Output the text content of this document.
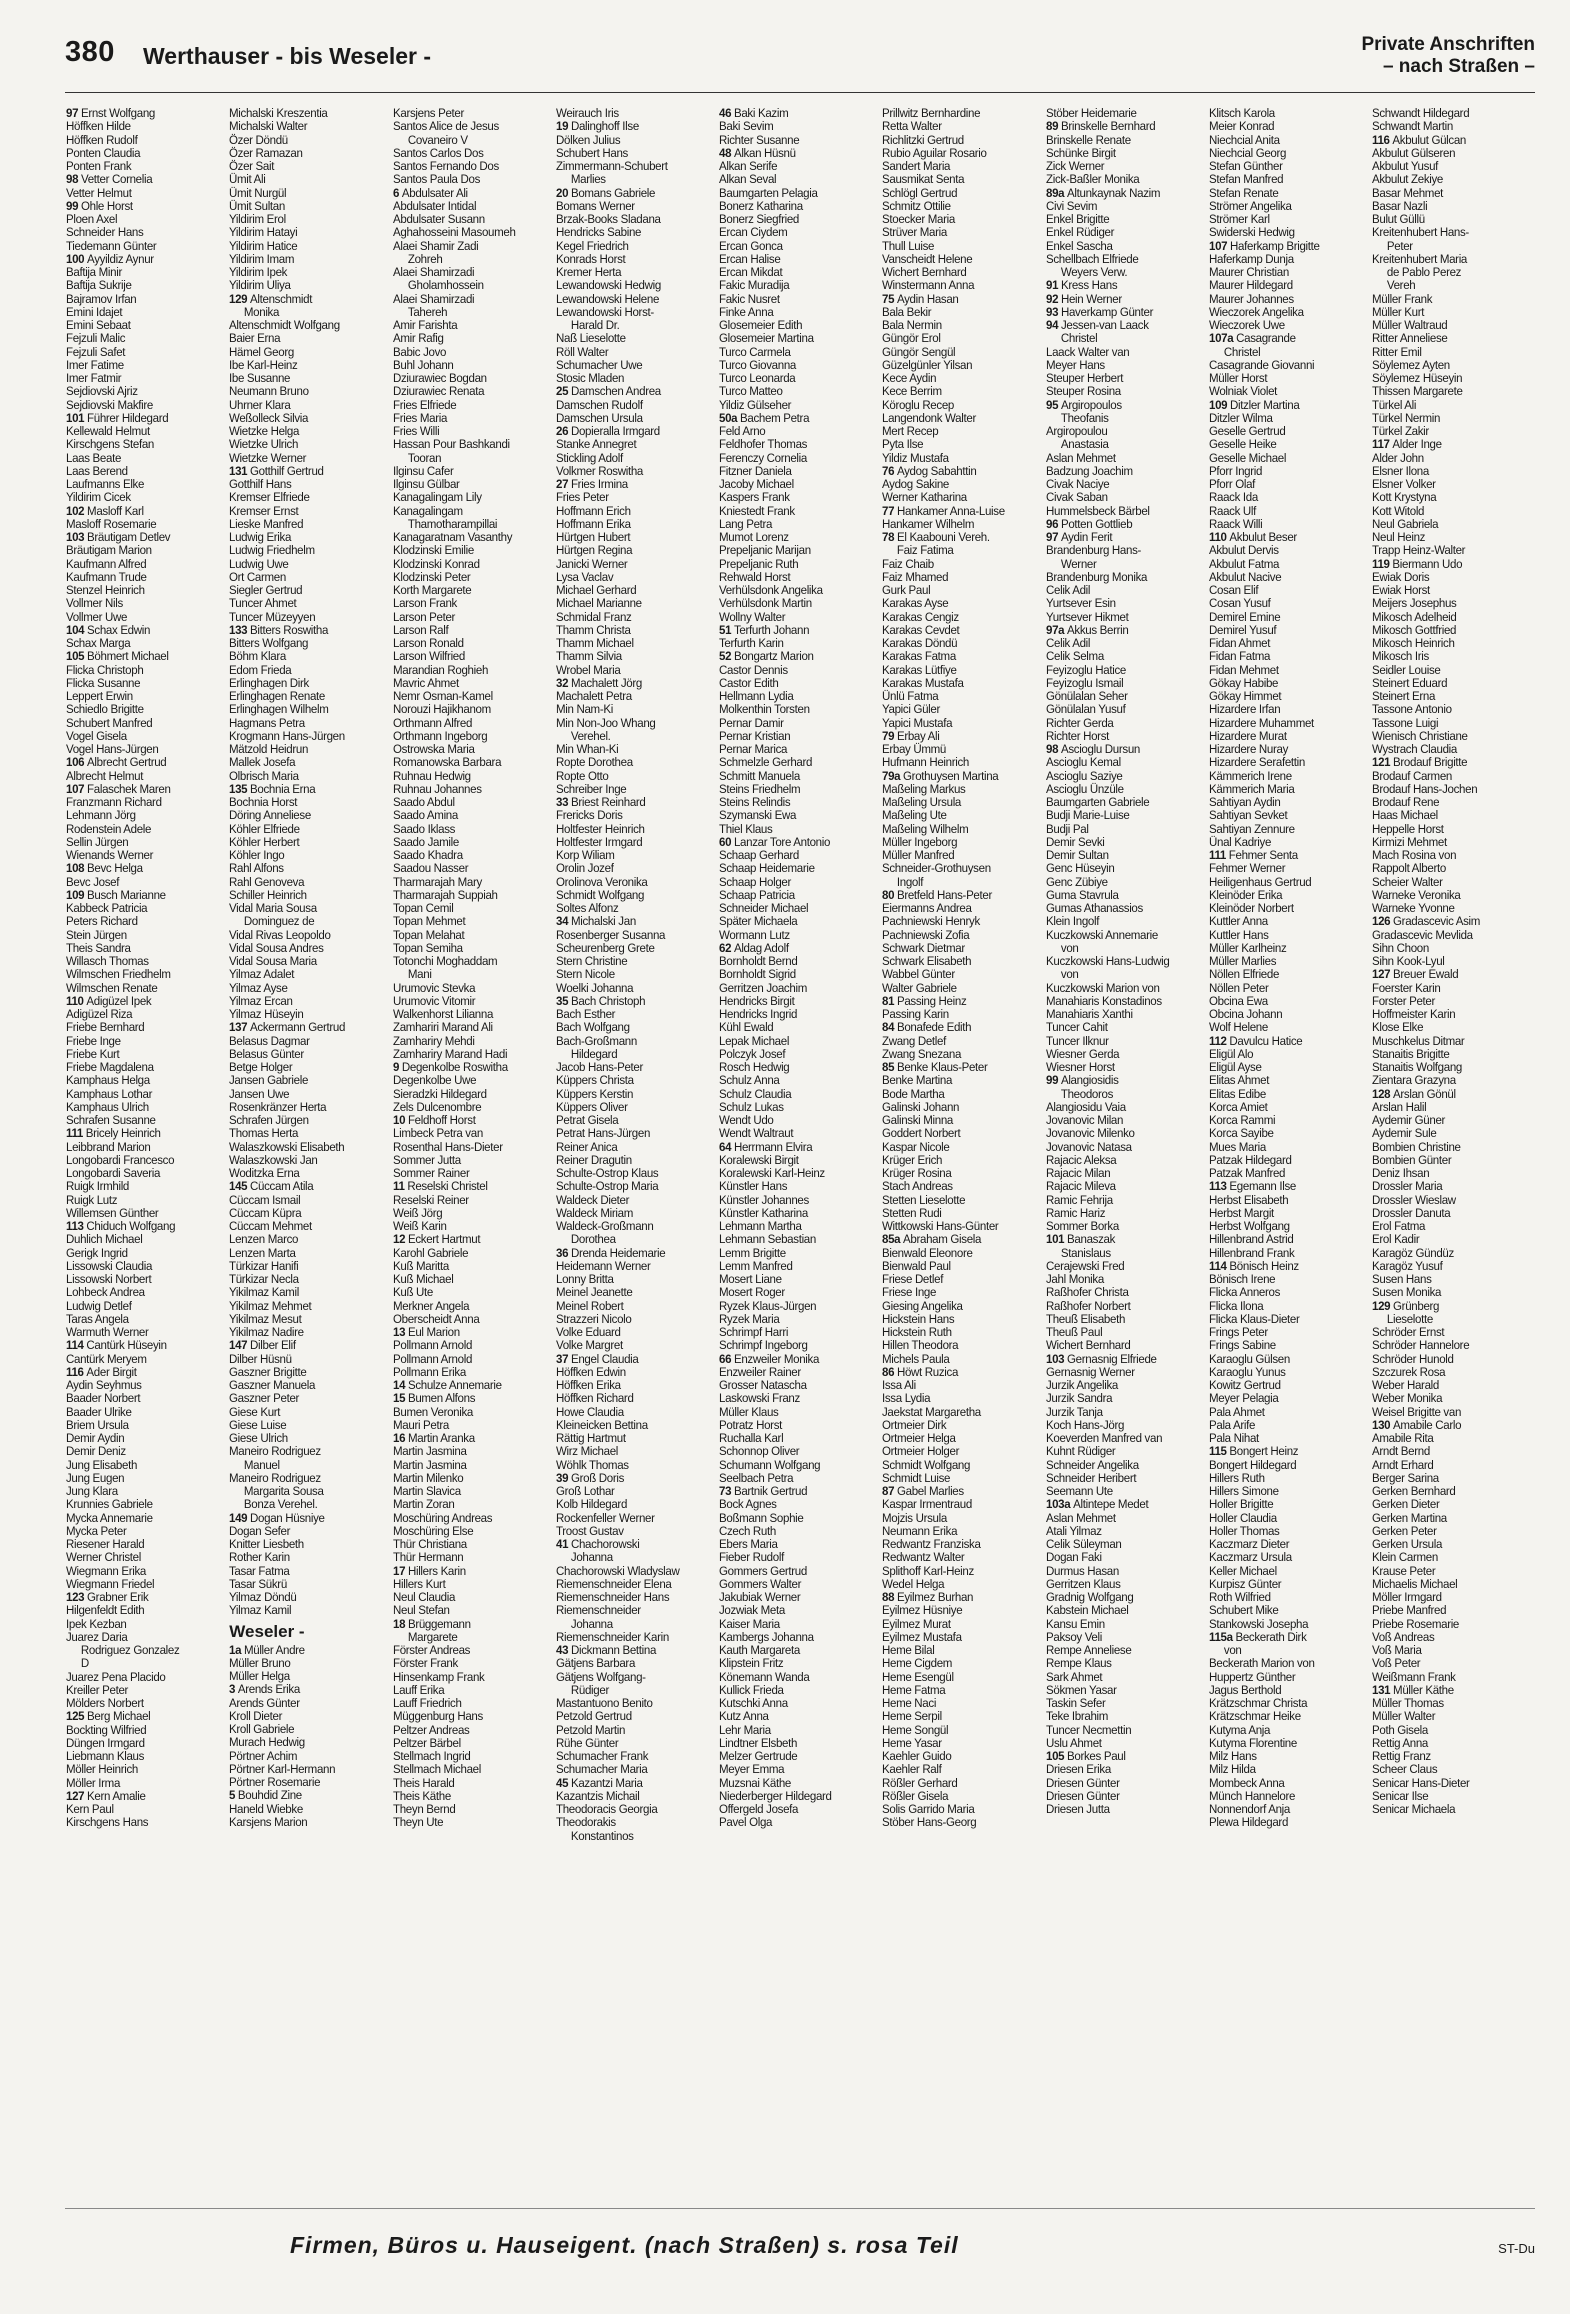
380 Werthauser - bis Weseler -	Private Anschriften
– nach Straßen –
97 Ernst Wolfgang
Höffken Hilde
Höffken Rudolf
Ponten Claudia
Ponten Frank
98 Vetter Cornelia
Vetter Helmut
99 Ohle Horst
Ploen Axel
Schneider Hans
Tiedemann Günter
100 Ayyildiz Aynur
Baftija Minir
Baftija Sukrije
Bajramov Irfan
Emini Idajet
Emini Sebaat
Fejzuli Malic
Fejzuli Safet
Imer Fatime
Imer Fatmir
Sejdiovski Ajriz
Sejdiovski Makfire
101 Führer Hildegard
Kellewald Helmut
Kirschgens Stefan
Laas Beate
Laas Berend
Laufmanns Elke
Yildirim Cicek
102 Masloff Karl
Masloff Rosemarie
103 Bräutigam Detlev
Bräutigam Marion
Kaufmann Alfred
Kaufmann Trude
Stenzel Heinrich
Vollmer Nils
Vollmer Uwe
104 Schax Edwin
Schax Marga
105 Böhmert Michael
Flicka Christoph
Flicka Susanne
Leppert Erwin
Schiedlo Brigitte
Schubert Manfred
Vogel Gisela
Vogel Hans-Jürgen
106 Albrecht Gertrud
Albrecht Helmut
107 Falaschek Maren
Franzmann Richard
Lehmann Jörg
Rodenstein Adele
Sellin Jürgen
Wienands Werner
108 Bevc Helga
Bevc Josef
109 Busch Marianne
Kabbeck Patricia
Peters Richard
Stein Jürgen
Theis Sandra
Willasch Thomas
Wilmschen Friedhelm
Wilmschen Renate
110 Adigüzel Ipek
Adigüzel Riza
Friebe Bernhard
Friebe Inge
Friebe Kurt
Friebe Magdalena
Kamphaus Helga
Kamphaus Lothar
Kamphaus Ulrich
Schrafen Susanne
111 Bricely Heinrich
Leibbrand Marion
Longobardi Francesco
Longobardi Saveria
Ruigk Irmhild
Ruigk Lutz
Willemsen Günther
113 Chiduch Wolfgang
Duhlich Michael
Gerigk Ingrid
Lissowski Claudia
Lissowski Norbert
Lohbeck Andrea
Ludwig Detlef
Taras Angela
Warmuth Werner
114 Cantürk Hüseyin
Cantürk Meryem
116 Ader Birgit
Aydin Seyhmus
Baader Norbert
Baader Ulrike
Briem Ursula
Demir Aydin
Demir Deniz
Jung Elisabeth
Jung Eugen
Jung Klara
Krunnies Gabriele
Mycka Annemarie
Mycka Peter
Riesener Harald
Werner Christel
Wiegmann Erika
Wiegmann Friedel
123 Grabner Erik
Hilgenfeldt Edith
Ipek Kezban
Juarez Daria
Rodriguez Gonzalez
D
Juarez Pena Placido
Kreiller Peter
Mölders Norbert
125 Berg Michael
Bockting Wilfried
Düngen Irmgard
Liebmann Klaus
Möller Heinrich
Möller Irma
127 Kern Amalie
Kern Paul
Kirschgens Hans
Michalski Kreszentia
Michalski Walter
Özer Döndü
Özer Ramazan
Özer Sait
Ümit Ali
Ümit Nurgül
Ümit Sultan
Yildirim Erol
Yildirim Hatayi
Yildirim Hatice
Yildirim Imam
Yildirim Ipek
Yildirim Uliya
129 Altenschmidt
Monika
Altenschmidt Wolfgang
Baier Erna
Hämel Georg
Ibe Karl-Heinz
Ibe Susanne
Neumann Bruno
Uhrner Klara
Weßolleck Silvia
Wietzke Helga
Wietzke Ulrich
Wietzke Werner
131 Gotthilf Gertrud
Gotthilf Hans
Kremser Elfriede
Kremser Ernst
Lieske Manfred
Ludwig Erika
Ludwig Friedhelm
Ludwig Uwe
Ort Carmen
Siegler Gertrud
Tuncer Ahmet
Tuncer Müzeyyen
133 Bitters Roswitha
Bitters Wolfgang
Böhm Klara
Edom Frieda
Erlinghagen Dirk
Erlinghagen Renate
Erlinghagen Wilhelm
Hagmans Petra
Krogmann Hans-Jürgen
Mätzold Heidrun
Mallek Josefa
Olbrisch Maria
135 Bochnia Erna
Bochnia Horst
Döring Anneliese
Köhler Elfriede
Köhler Herbert
Köhler Ingo
Rahl Alfons
Rahl Genoveva
Schiller Heinrich
Vidal Maria Sousa
Dominguez de
Vidal Rivas Leopoldo
Vidal Sousa Andres
Vidal Sousa Maria
Yilmaz Adalet
Yilmaz Ayse
Yilmaz Ercan
Yilmaz Hüseyin
137 Ackermann Gertrud
Belasus Dagmar
Belasus Günter
Betge Holger
Jansen Gabriele
Jansen Uwe
Rosenkränzer Herta
Schrafen Jürgen
Thomas Herta
Walaszkowski Elisabeth
Walaszkowski Jan
Woditzka Erna
145 Cüccam Atila
Cüccam Ismail
Cüccam Küpra
Cüccam Mehmet
Lenzen Marco
Lenzen Marta
Türkizar Hanifi
Türkizar Necla
Yikilmaz Kamil
Yikilmaz Mehmet
Yikilmaz Mesut
Yikilmaz Nadire
147 Dilber Elif
Dilber Hüsnü
Gaszner Brigitte
Gaszner Manuela
Gaszner Peter
Giese Kurt
Giese Luise
Giese Ulrich
Maneiro Rodriguez
Manuel
Maneiro Rodriguez
Margarita Sousa
Bonza Verehel.
149 Dogan Hüsniye
Dogan Sefer
Knitter Liesbeth
Rother Karin
Tasar Fatma
Tasar Sükrü
Yilmaz Döndü
Yilmaz Kamil
Weseler -
1a Müller Andre
Müller Bruno
Müller Helga
3 Arends Erika
Arends Günter
Kroll Dieter
Kroll Gabriele
Murach Hedwig
Pörtner Achim
Pörtner Karl-Hermann
Pörtner Rosemarie
5 Bouhdid Zine
Haneld Wiebke
Karsjens Marion
Karsjens Peter
Santos Alice de Jesus
Covaneiro V
Santos Carlos Dos
Santos Fernando Dos
Santos Paula Dos
6 Abdulsater Ali
Abdulsater Intidal
Abdulsater Susann
Aghahosseini Masoumeh
Alaei Shamir Zadi
Zohreh
Alaei Shamirzadi
Gholamhossein
Alaei Shamirzadi
Tahereh
Amir Farishta
Amir Rafig
Babic Jovo
Buhl Johann
Dziurawiec Bogdan
Dziurawiec Renata
Fries Elfriede
Fries Maria
Fries Willi
Hassan Pour Bashkandi
Tooran
Ilginsu Cafer
Ilginsu Gülbar
Kanagalingam Lily
Kanagalingam
Thamotharampillai
Kanagaratnam Vasanthy
Klodzinski Emilie
Klodzinski Konrad
Klodzinski Peter
Korth Margarete
Larson Frank
Larson Peter
Larson Ralf
Larson Ronald
Larson Wilfried
Marandian Roghieh
Mavric Ahmet
Nemr Osman-Kamel
Norouzi Hajikhanom
Orthmann Alfred
Orthmann Ingeborg
Ostrowska Maria
Romanowska Barbara
Ruhnau Hedwig
Ruhnau Johannes
Saado Abdul
Saado Amina
Saado Iklass
Saado Jamile
Saado Khadra
Saadou Nasser
Tharmarajah Mary
Tharmarajah Suppiah
Topan Cemil
Topan Mehmet
Topan Melahat
Topan Semiha
Totonchi Moghaddam
Mani
Urumovic Stevka
Urumovic Vitomir
Walkenhorst Lilianna
Zamhariri Marand Ali
Zamhariry Mehdi
Zamhariry Marand Hadi
9 Degenkolbe Roswitha
Degenkolbe Uwe
Sieradzki Hildegard
Zels Dulcenombre
10 Feldhoff Horst
Limbeck Petra van
Rosenthal Hans-Dieter
Sommer Jutta
Sommer Rainer
11 Reselski Christel
Reselski Reiner
Weiß Jörg
Weiß Karin
12 Eckert Hartmut
Karohl Gabriele
Kuß Maritta
Kuß Michael
Kuß Ute
Merkner Angela
Oberscheidt Anna
13 Eul Marion
Pollmann Arnold
Pollmann Arnold
Pollmann Erika
14 Schulze Annemarie
15 Bumen Alfons
Bumen Veronika
Mauri Petra
16 Martin Aranka
Martin Jasmina
Martin Jasmina
Martin Milenko
Martin Slavica
Martin Zoran
Moschüring Andreas
Moschüring Else
Thür Christiana
Thür Hermann
17 Hillers Karin
Hillers Kurt
Neul Claudia
Neul Stefan
18 Brüggemann
Margarete
Förster Andreas
Förster Frank
Hinsenkamp Frank
Lauff Erika
Lauff Friedrich
Müggenburg Hans
Peltzer Andreas
Peltzer Bärbel
Stellmach Ingrid
Stellmach Michael
Theis Harald
Theis Käthe
Theyn Bernd
Theyn Ute
Weirauch Iris
19 Dalinghoff Ilse
Dölken Julius
Schubert Hans
Zimmermann-Schubert
Marlies
20 Bomans Gabriele
Bomans Werner
Brzak-Books Sladana
Hendricks Sabine
Kegel Friedrich
Konrads Horst
Kremer Herta
Lewandowski Hedwig
Lewandowski Helene
Lewandowski Horst-
Harald Dr.
Naß Lieselotte
Röll Walter
Schumacher Uwe
Stosic Mladen
25 Damschen Andrea
Damschen Rudolf
Damschen Ursula
26 Dopieralla Irmgard
Stanke Annegret
Stickling Adolf
Volkmer Roswitha
27 Fries Irmina
Fries Peter
Hoffmann Erich
Hoffmann Erika
Hürtgen Hubert
Hürtgen Regina
Janicki Werner
Lysa Vaclav
Michael Gerhard
Michael Marianne
Schmidal Franz
Thamm Christa
Thamm Michael
Thamm Silvia
Wrobel Maria
32 Machalett Jörg
Machalett Petra
Min Nam-Ki
Min Non-Joo Whang
Verehel.
Min Whan-Ki
Ropte Dorothea
Ropte Otto
Schreiber Inge
33 Briest Reinhard
Frericks Doris
Holtfester Heinrich
Holtfester Irmgard
Korp Wiliam
Orolin Jozef
Orolinova Veronika
Schmidt Wolfgang
Soltes Alfonz
34 Michalski Jan
Rosenberger Susanna
Scheurenberg Grete
Stern Christine
Stern Nicole
Woelki Johanna
35 Bach Christoph
Bach Esther
Bach Wolfgang
Bach-Großmann
Hildegard
Jacob Hans-Peter
Küppers Christa
Küppers Kerstin
Küppers Oliver
Petrat Gisela
Petrat Hans-Jürgen
Reiner Anica
Reiner Dragutin
Schulte-Ostrop Klaus
Schulte-Ostrop Maria
Waldeck Dieter
Waldeck Miriam
Waldeck-Großmann
Dorothea
36 Drenda Heidemarie
Heidemann Werner
Lonny Britta
Meinel Jeanette
Meinel Robert
Strazzeri Nicolo
Volke Eduard
Volke Margret
37 Engel Claudia
Höffken Edwin
Höffken Erika
Höffken Richard
Howe Claudia
Kleineicken Bettina
Rättig Hartmut
Wirz Michael
Wöhlk Thomas
39 Groß Doris
Groß Lothar
Kolb Hildegard
Rockenfeller Werner
Troost Gustav
41 Chachorowski
Johanna
Chachorowski Wladyslaw
Riemenschneider Elena
Riemenschneider Hans
Riemenschneider
Johanna
Riemenschneider Karin
43 Dickmann Bettina
Gätjens Barbara
Gätjens Wolfgang-
Rüdiger
Mastantuono Benito
Petzold Gertrud
Petzold Martin
Rühe Günter
Schumacher Frank
Schumacher Maria
45 Kazantzi Maria
Kazantzis Michail
Theodoracis Georgia
Theodorakis
Konstantinos
46 Baki Kazim
Baki Sevim
Richter Susanne
48 Alkan Hüsnü
Alkan Serife
Alkan Seval
Baumgarten Pelagia
Bonerz Katharina
Bonerz Siegfried
Ercan Ciydem
Ercan Gonca
Ercan Halise
Ercan Mikdat
Fakic Muradija
Fakic Nusret
Finke Anna
Glosemeier Edith
Glosemeier Martina
Turco Carmela
Turco Giovanna
Turco Leonarda
Turco Matteo
Yildiz Gülseher
50a Bachem Petra
Feld Arno
Feldhofer Thomas
Ferenczy Cornelia
Fitzner Daniela
Jacoby Michael
Kaspers Frank
Kniestedt Frank
Lang Petra
Mumot Lorenz
Prepeljanic Marijan
Prepeljanic Ruth
Rehwald Horst
Verhülsdonk Angelika
Verhülsdonk Martin
Wollny Walter
51 Terfurth Johann
Terfurth Karin
52 Bongartz Marion
Castor Dennis
Castor Edith
Hellmann Lydia
Molkenthin Torsten
Pernar Damir
Pernar Kristian
Pernar Marica
Schmelzle Gerhard
Schmitt Manuela
Steins Friedhelm
Steins Relindis
Szymanski Ewa
Thiel Klaus
60 Lanzar Tore Antonio
Schaap Gerhard
Schaap Heidemarie
Schaap Holger
Schaap Patricia
Schneider Michael
Später Michaela
Wormann Lutz
62 Aldag Adolf
Bornholdt Bernd
Bornholdt Sigrid
Gerritzen Joachim
Hendricks Birgit
Hendricks Ingrid
Kühl Ewald
Lepak Michael
Polczyk Josef
Rosch Hedwig
Schulz Anna
Schulz Claudia
Schulz Lukas
Wendt Udo
Wendt Waltraut
64 Herrmann Elvira
Koralewski Birgit
Koralewski Karl-Heinz
Künstler Hans
Künstler Johannes
Künstler Katharina
Lehmann Martha
Lehmann Sebastian
Lemm Brigitte
Lemm Manfred
Mosert Liane
Mosert Roger
Ryzek Klaus-Jürgen
Ryzek Maria
Schrimpf Harri
Schrimpf Ingeborg
66 Enzweiler Monika
Enzweiler Rainer
Grosser Natascha
Laskowski Franz
Müller Klaus
Potratz Horst
Ruchalla Karl
Schonnop Oliver
Schumann Wolfgang
Seelbach Petra
73 Bartnik Gertrud
Bock Agnes
Boßmann Sophie
Czech Ruth
Ebers Maria
Fieber Rudolf
Gommers Gertrud
Gommers Walter
Jakubiak Werner
Jozwiak Meta
Kaiser Maria
Kambergs Johanna
Kauth Margareta
Klipstein Fritz
Könemann Wanda
Kullick Frieda
Kutschki Anna
Kutz Anna
Lehr Maria
Lindtner Elsbeth
Melzer Gertrude
Meyer Emma
Muzsnai Käthe
Niederberger Hildegard
Offergeld Josefa
Pavel Olga
Prillwitz Bernhardine
Retta Walter
Richlitzki Gertrud
Rubio Aguilar Rosario
Sandert Maria
Sausmikat Senta
Schlögl Gertrud
Schmitz Ottilie
Stoecker Maria
Strüver Maria
Thull Luise
Vanscheidt Helene
Wichert Bernhard
Winstermann Anna
75 Aydin Hasan
Bala Bekir
Bala Nermin
Güngör Erol
Güngör Sengül
Güzelgünler Yilsan
Kece Aydin
Kece Berrim
Köroglu Recep
Langendonk Walter
Mert Recep
Pyta Ilse
Yildiz Mustafa
76 Aydog Sabahttin
Aydog Sakine
Werner Katharina
77 Hankamer Anna-Luise
Hankamer Wilhelm
78 El Kaabouni Vereh.
Faiz Fatima
Faiz Chaib
Faiz Mhamed
Gurk Paul
Karakas Ayse
Karakas Cengiz
Karakas Cevdet
Karakas Döndü
Karakas Fatma
Karakas Lütfiye
Karakas Mustafa
Ünlü Fatma
Yapici Güler
Yapici Mustafa
79 Erbay Ali
Erbay Ümmü
Hufmann Heinrich
79a Grothuysen Martina
Maßeling Markus
Maßeling Ursula
Maßeling Ute
Maßeling Wilhelm
Müller Ingeborg
Müller Manfred
Schneider-Grothuysen
Ingolf
80 Bretfeld Hans-Peter
Eiermanns Andrea
Pachniewski Henryk
Pachniewski Zofia
Schwark Dietmar
Schwark Elisabeth
Wabbel Günter
Walter Gabriele
81 Passing Heinz
Passing Karin
84 Bonafede Edith
Zwang Detlef
Zwang Snezana
85 Benke Klaus-Peter
Benke Martina
Bode Martha
Galinski Johann
Galinski Minna
Goddert Norbert
Kaspar Nicole
Krüger Erich
Krüger Rosina
Stach Andreas
Stetten Lieselotte
Stetten Rudi
Wittkowski Hans-Günter
85a Abraham Gisela
Bienwald Eleonore
Bienwald Paul
Friese Detlef
Friese Inge
Giesing Angelika
Hickstein Hans
Hickstein Ruth
Hillen Theodora
Michels Paula
86 Höwt Ruzica
Issa Ali
Issa Lydia
Jaekstat Margaretha
Ortmeier Dirk
Ortmeier Helga
Ortmeier Holger
Schmidt Wolfgang
Schmidt Luise
87 Gabel Marlies
Kaspar Irmentraud
Mojzis Ursula
Neumann Erika
Redwantz Franziska
Redwantz Walter
Splithoff Karl-Heinz
Wedel Helga
88 Eyilmez Burhan
Eyilmez Hüsniye
Eyilmez Murat
Eyilmez Mustafa
Heme Bilal
Heme Cigdem
Heme Esengül
Heme Fatma
Heme Naci
Heme Serpil
Heme Songül
Heme Yasar
Kaehler Guido
Kaehler Ralf
Rößler Gerhard
Rößler Gisela
Solis Garrido Maria
Stöber Hans-Georg
Stöber Heidemarie
89 Brinskelle Bernhard
Brinskelle Renate
Schünke Birgit
Zick Werner
Zick-Baßler Monika
89a Altunkaynak Nazim
Civi Sevim
Enkel Brigitte
Enkel Rüdiger
Enkel Sascha
Schellbach Elfriede
Weyers Verw.
91 Kress Hans
92 Hein Werner
93 Haverkamp Günter
94 Jessen-van Laack
Christel
Laack Walter van
Meyer Hans
Steuper Herbert
Steuper Rosina
95 Argiropoulos
Theofanis
Argiropoulou
Anastasia
Aslan Mehmet
Badzung Joachim
Civak Naciye
Civak Saban
Hummelsbeck Bärbel
96 Potten Gottlieb
97 Aydin Ferit
Brandenburg Hans-
Werner
Brandenburg Monika
Celik Adil
Yurtsever Esin
Yurtsever Hikmet
97a Akkus Berrin
Celik Adil
Celik Selma
Feyizoglu Hatice
Feyizoglu Ismail
Gönülalan Seher
Gönülalan Yusuf
Richter Gerda
Richter Horst
98 Ascioglu Dursun
Ascioglu Kemal
Ascioglu Saziye
Ascioglu Ünzüle
Baumgarten Gabriele
Budji Marie-Luise
Budji Pal
Demir Sevki
Demir Sultan
Genc Hüseyin
Genc Zübiye
Guma Stavrula
Gumas Athanassios
Klein Ingolf
Kuczkowski Annemarie
von
Kuczkowski Hans-Ludwig
von
Kuczkowski Marion von
Manahiaris Konstadinos
Manahiaris Xanthi
Tuncer Cahit
Tuncer Ilknur
Wiesner Gerda
Wiesner Horst
99 Alangiosidis
Theodoros
Alangiosidu Vaia
Jovanovic Milan
Jovanovic Milenko
Jovanovic Natasa
Rajacic Aleksa
Rajacic Milan
Rajacic Mileva
Ramic Fehrija
Ramic Hariz
Sommer Borka
101 Banaszak
Stanislaus
Cerajewski Fred
Jahl Monika
Raßhofer Christa
Raßhofer Norbert
Theuß Elisabeth
Theuß Paul
Wichert Bernhard
103 Gernasnig Elfriede
Gernasnig Werner
Jurzik Angelika
Jurzik Sandra
Jurzik Tanja
Koch Hans-Jörg
Koeverden Manfred van
Kuhnt Rüdiger
Schneider Angelika
Schneider Heribert
Seemann Ute
103a Altintepe Medet
Aslan Mehmet
Atali Yilmaz
Celik Süleyman
Dogan Faki
Durmus Hasan
Gerritzen Klaus
Gradnig Wolfgang
Kabstein Michael
Kansu Emin
Paksoy Veli
Rempe Anneliese
Rempe Klaus
Sark Ahmet
Sökmen Yasar
Taskin Sefer
Teke Ibrahim
Tuncer Necmettin
Uslu Ahmet
105 Borkes Paul
Driesen Erika
Driesen Günter
Driesen Günter
Driesen Jutta
Klitsch Karola
Meier Konrad
Niechcial Anita
Niechcial Georg
Stefan Günther
Stefan Manfred
Stefan Renate
Strömer Angelika
Strömer Karl
Swiderski Hedwig
107 Haferkamp Brigitte
Haferkamp Dunja
Maurer Christian
Maurer Hildegard
Maurer Johannes
Wieczorek Angelika
Wieczorek Uwe
107a Casagrande
Christel
Casagrande Giovanni
Müller Horst
Wolniak Violet
109 Ditzler Martina
Ditzler Wilma
Geselle Gertrud
Geselle Heike
Geselle Michael
Pforr Ingrid
Pforr Olaf
Raack Ida
Raack Ulf
Raack Willi
110 Akbulut Beser
Akbulut Dervis
Akbulut Fatma
Akbulut Nacive
Cosan Elif
Cosan Yusuf
Demirel Emine
Demirel Yusuf
Fidan Ahmet
Fidan Fatma
Fidan Mehmet
Gökay Habibe
Gökay Himmet
Hizardere Irfan
Hizardere Muhammet
Hizardere Murat
Hizardere Nuray
Hizardere Serafettin
Kämmerich Irene
Kämmerich Maria
Sahtiyan Aydin
Sahtiyan Sevket
Sahtiyan Zennure
Ünal Kadriye
111 Fehmer Senta
Fehmer Werner
Heiligenhaus Gertrud
Kleinöder Erika
Kleinöder Norbert
Kuttler Anna
Kuttler Hans
Müller Karlheinz
Müller Marlies
Nöllen Elfriede
Nöllen Peter
Obcina Ewa
Obcina Johann
Wolf Helene
112 Davulcu Hatice
Eligül Alo
Eligül Ayse
Elitas Ahmet
Elitas Edibe
Korca Amiet
Korca Rammi
Korca Sayibe
Mues Maria
Patzak Hildegard
Patzak Manfred
113 Egemann Ilse
Herbst Elisabeth
Herbst Margit
Herbst Wolfgang
Hillenbrand Astrid
Hillenbrand Frank
114 Bönisch Heinz
Bönisch Irene
Flicka Anneros
Flicka Ilona
Flicka Klaus-Dieter
Frings Peter
Frings Sabine
Karaoglu Gülsen
Karaoglu Yunus
Kowitz Gertrud
Meyer Pelagia
Pala Ahmet
Pala Arife
Pala Nihat
115 Bongert Heinz
Bongert Hildegard
Hillers Ruth
Hillers Simone
Holler Brigitte
Holler Claudia
Holler Thomas
Kaczmarz Dieter
Kaczmarz Ursula
Keller Michael
Kurpisz Günter
Roth Wilfried
Schubert Mike
Stankowski Josepha
115a Beckerath Dirk
von
Beckerath Marion von
Huppertz Günther
Jagus Berthold
Krätzschmar Christa
Krätzschmar Heike
Kutyma Anja
Kutyma Florentine
Milz Hans
Milz Hilda
Mombeck Anna
Münch Hannelore
Nonnendorf Anja
Plewa Hildegard
Schwandt Hildegard
Schwandt Martin
116 Akbulut Gülcan
Akbulut Gülseren
Akbulut Yusuf
Akbulut Zekiye
Basar Mehmet
Basar Nazli
Bulut Güllü
Kreitenhubert Hans-
Peter
Kreitenhubert Maria
de Pablo Perez
Vereh
Müller Frank
Müller Kurt
Müller Waltraud
Ritter Anneliese
Ritter Emil
Söylemez Ayten
Söylemez Hüseyin
Thissen Margarete
Türkel Ali
Türkel Nermin
Türkel Zakir
117 Alder Inge
Alder John
Elsner Ilona
Elsner Volker
Kott Krystyna
Kott Witold
Neul Gabriela
Neul Heinz
Trapp Heinz-Walter
119 Biermann Udo
Ewiak Doris
Ewiak Horst
Meijers Josephus
Mikosch Adelheid
Mikosch Gottfried
Mikosch Heinrich
Mikosch Iris
Seidler Louise
Steinert Eduard
Steinert Erna
Tassone Antonio
Tassone Luigi
Wienisch Christiane
Wystrach Claudia
121 Brodauf Brigitte
Brodauf Carmen
Brodauf Hans-Jochen
Brodauf Rene
Haas Michael
Heppelle Horst
Kirmizi Mehmet
Mach Rosina von
Rappolt Alberto
Scheier Walter
Warneke Veronika
Warneke Yvonne
126 Gradascevic Asim
Gradascevic Mevlida
Sihn Choon
Sihn Kook-Lyul
127 Breuer Ewald
Foerster Karin
Forster Peter
Hoffmeister Karin
Klose Elke
Muschkelus Ditmar
Stanaitis Brigitte
Stanaitis Wolfgang
Zientara Grazyna
128 Arslan Gönül
Arslan Halil
Aydemir Güner
Aydemir Sule
Bombien Christine
Bombien Günter
Deniz Ihsan
Drossler Maria
Drossler Wieslaw
Drossler Danuta
Erol Fatma
Erol Kadir
Karagöz Gündüz
Karagöz Yusuf
Susen Hans
Susen Monika
129 Grünberg
Lieselotte
Schröder Ernst
Schröder Hannelore
Schröder Hunold
Szczurek Rosa
Weber Harald
Weber Monika
Weisel Brigitte van
130 Amabile Carlo
Amabile Rita
Arndt Bernd
Arndt Erhard
Berger Sarina
Gerken Bernhard
Gerken Dieter
Gerken Martina
Gerken Peter
Gerken Ursula
Klein Carmen
Krause Peter
Michaelis Michael
Möller Irmgard
Priebe Manfred
Priebe Rosemarie
Voß Andreas
Voß Maria
Voß Peter
Weißmann Frank
131 Müller Käthe
Müller Thomas
Müller Walter
Poth Gisela
Rettig Anna
Rettig Franz
Scheer Claus
Senicar Hans-Dieter
Senicar Ilse
Senicar Michaela
Firmen, Büros u. Hauseigent. (nach Straßen) s. rosa Teil	ST-Du
